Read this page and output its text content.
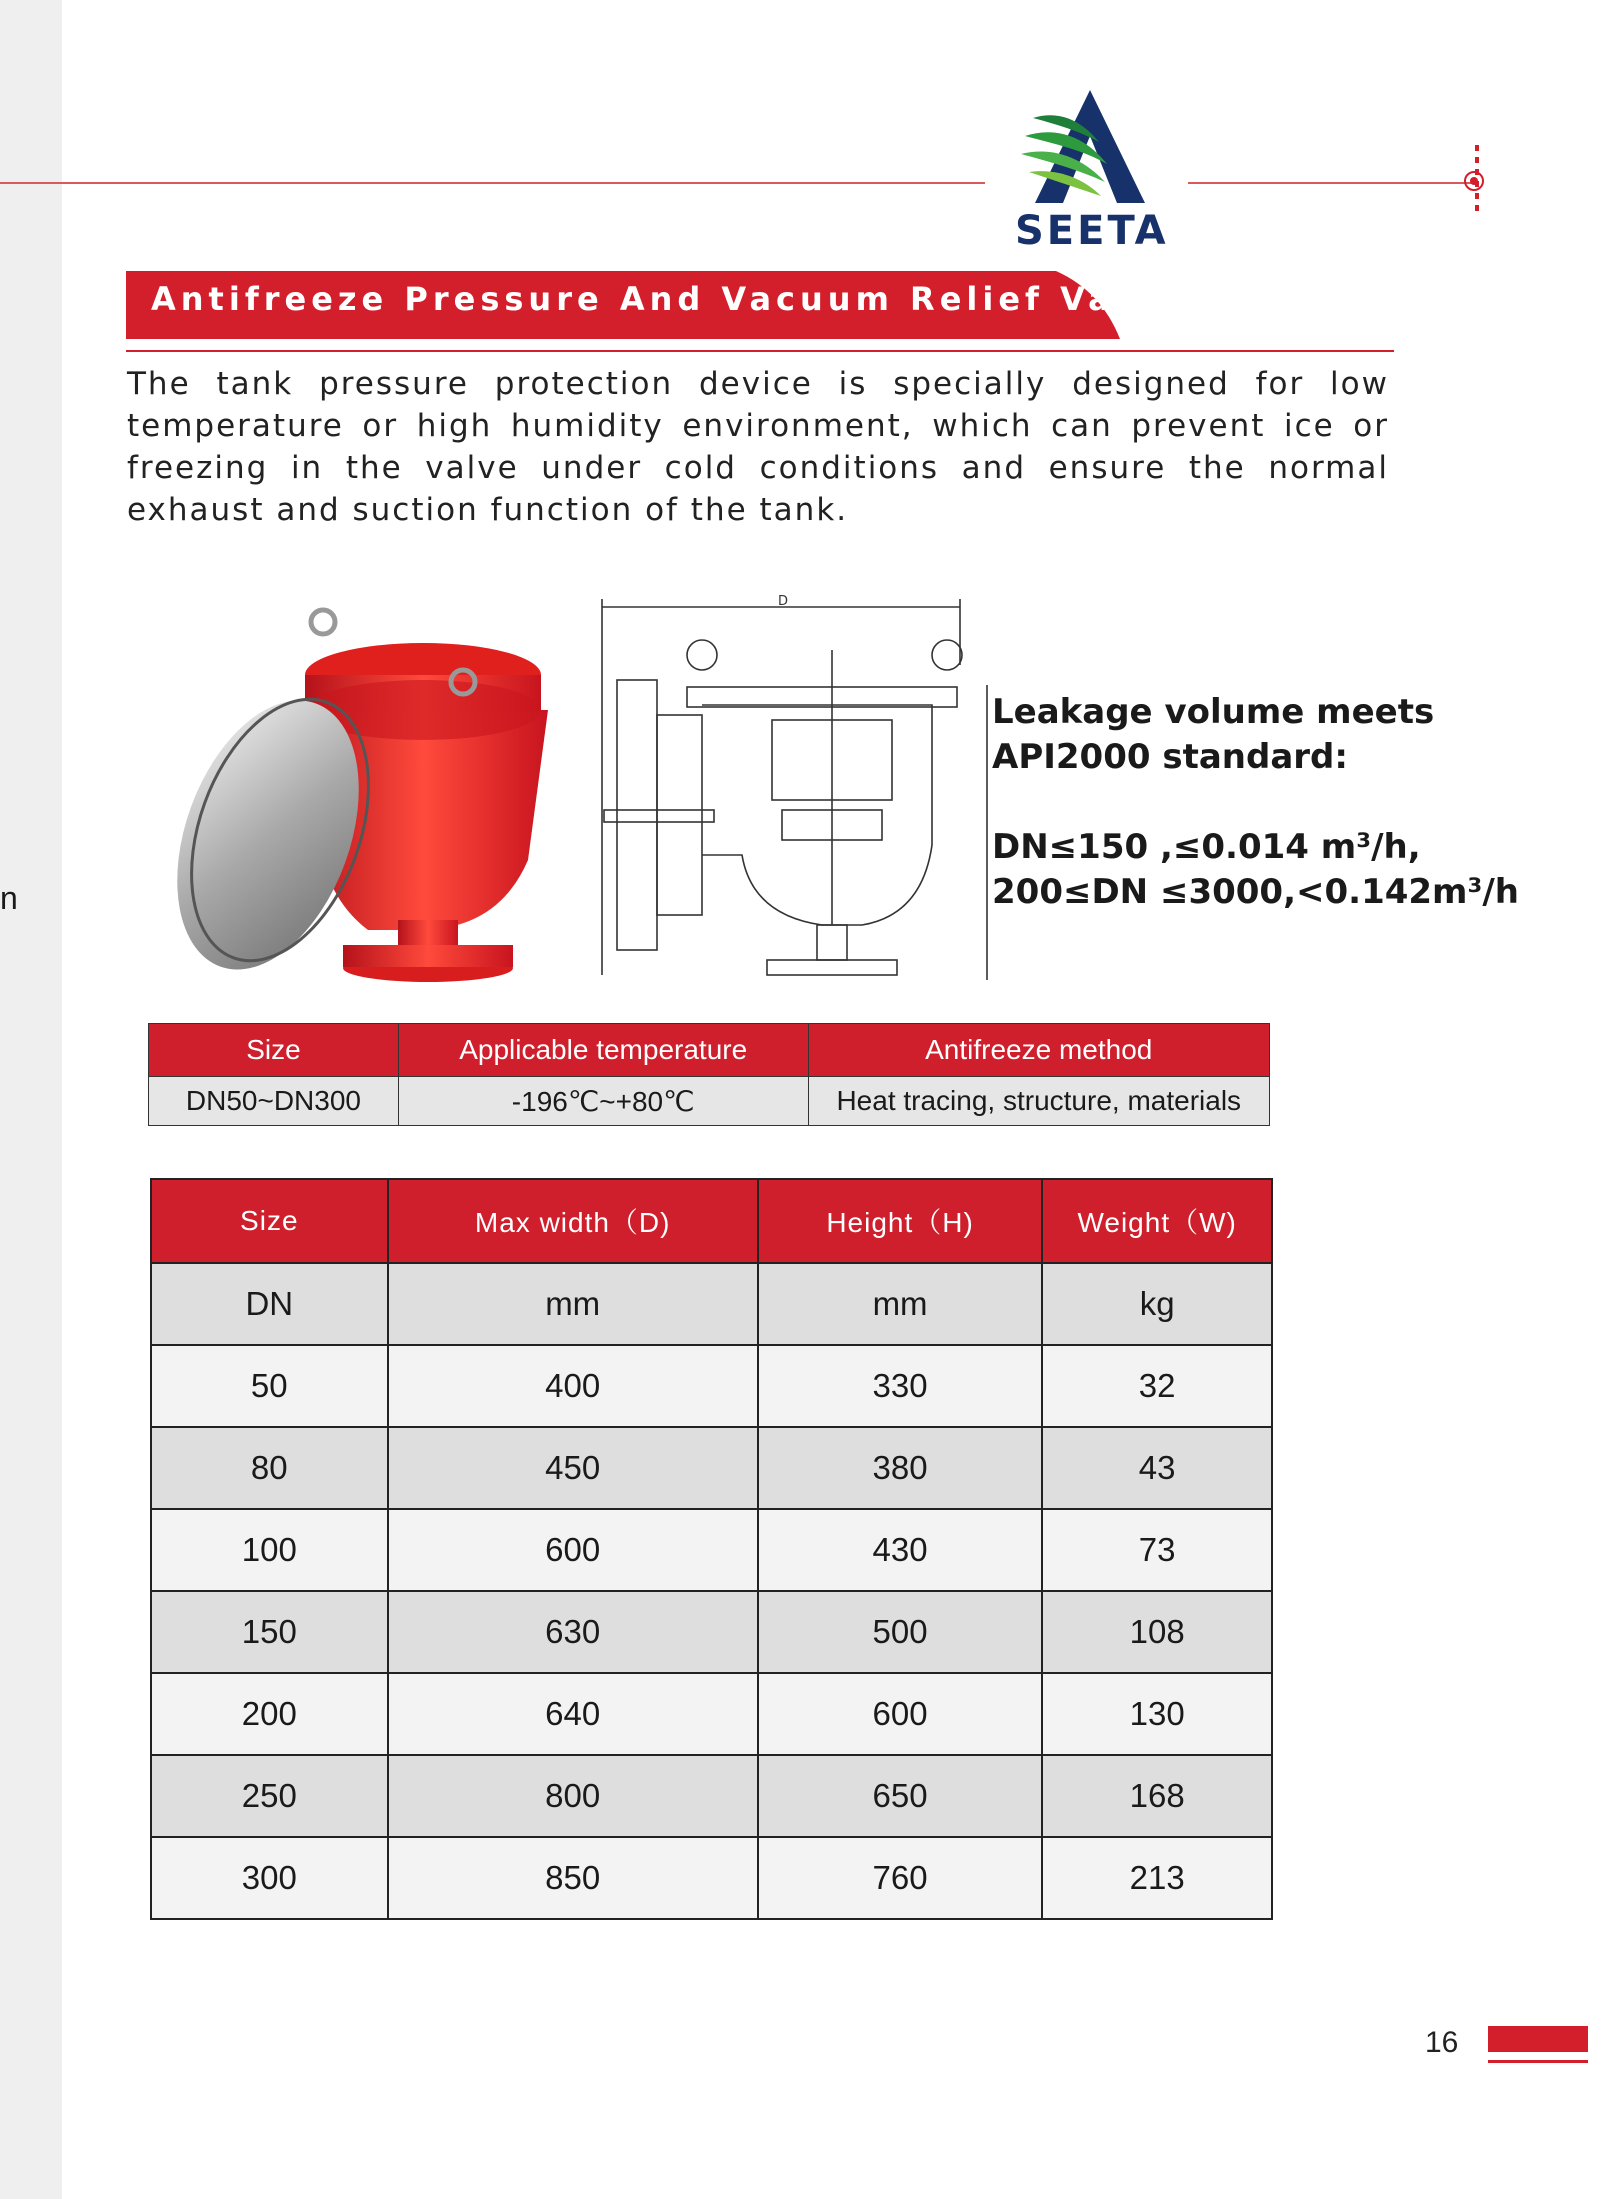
n
SEETA
Antifreeze Pressure And Vacuum Relief Valve
The tank pressure protection device is specially designed for low temperature or high humidity environment, which can prevent ice or freezing in the valve under cold conditions and ensure the normal exhaust and suction function of the tank.
D
Leakage volume meets
API2000 standard:
DN≤150 ,≤0.014 m³/h,
200≤DN ≤3000,<0.142m³/h
Size	Applicable temperature	Antifreeze method
DN50~DN300	-196℃~+80℃	Heat tracing, structure, materials
Size	Max width（D)	Height（H)	Weight（W)
DN	mm	mm	kg
50	400	330	32
80	450	380	43
100	600	430	73
150	630	500	108
200	640	600	130
250	800	650	168
300	850	760	213
16
